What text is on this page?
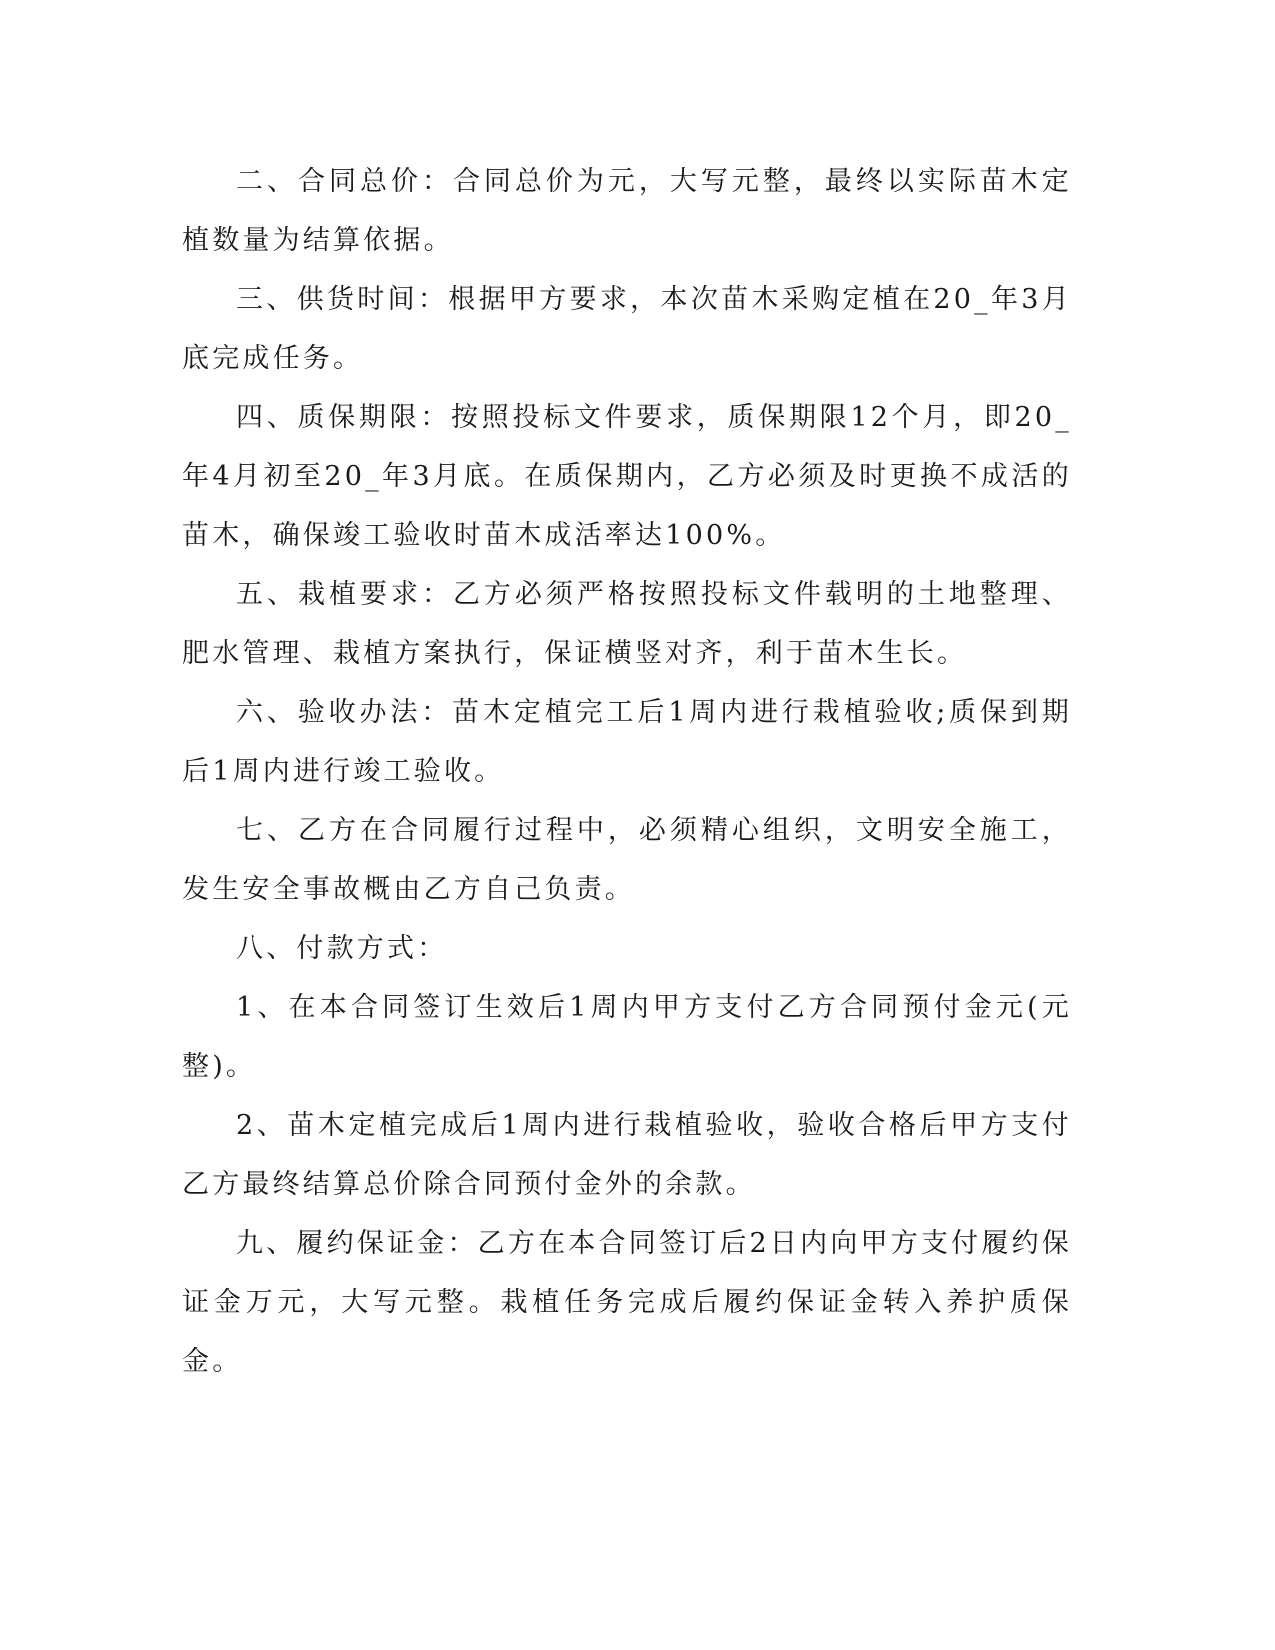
二、合同总价：合同总价为元，大写元整，最终以实际苗木定植数量为结算依据。

三、供货时间：根据甲方要求，本次苗木采购定植在20_年3月底完成任务。

四、质保期限：按照投标文件要求，质保期限12个月，即20_年4月初至20_年3月底。在质保期内，乙方必须及时更换不成活的苗木，确保竣工验收时苗木成活率达100%。

五、栽植要求：乙方必须严格按照投标文件载明的土地整理、肥水管理、栽植方案执行，保证横竖对齐，利于苗木生长。

六、验收办法：苗木定植完工后1周内进行栽植验收;质保到期后1周内进行竣工验收。

七、乙方在合同履行过程中，必须精心组织，文明安全施工，发生安全事故概由乙方自己负责。

八、付款方式：

1、在本合同签订生效后1周内甲方支付乙方合同预付金元(元整)。

2、苗木定植完成后1周内进行栽植验收，验收合格后甲方支付乙方最终结算总价除合同预付金外的余款。

九、履约保证金：乙方在本合同签订后2日内向甲方支付履约保证金万元，大写元整。栽植任务完成后履约保证金转入养护质保金。
